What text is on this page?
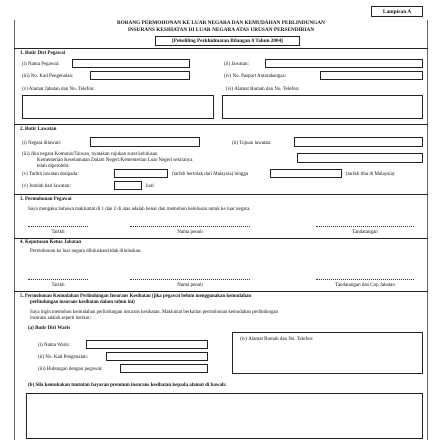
Lampiran A
BORANG PERMOHONAN KE LUAR NEGARA DAN KEMUDAHAN PERLINDUNGAN
INSURANS KESIHATAN DI LUAR NEGARA ATAS URUSAN PERSENDIRIAN
[Pekeliling Perkhidmatan Bilangan 8 Tahun 2004]
1. Butir Diri Pegawai
(i) Nama Pegawai:	(ii) Jawatan:
(iii) No. Kad Pengenalan:	(iv) No. Pasport Antarabangsa:
(v) Alamat Jabatan dan No. Telefon:	(vi) Alamat Rumah dan No. Telefon:
2. Butir Lawatan
(i) Negara dilawati:	(ii) Tujuan lawatan:
(iii) Jika negara Komunis/Taiwan, nyatakan rujukan surat kelulusan
Kementerian Keselamatan Dalam Negeri/Kementerian Luar Negeri sekiranya
telah diperolehi:
(v) Tarikh lawatan daripada:	(tarikh bertolak dari Malaysia) hingga	(tarikh tiba di Malaysia)
(v) Jumlah hari lawatan:	hari
3. Permohonan Pegawai
Saya mengaku bahawa maklumat di 1 dan 2 di atas adalah benar dan memohon kelulusan untuk ke luar negara.
Tarikh	Nama penuh	Tandatangan
4. Keputusan Ketua Jabatan
Permohonan ke luar negara diluluskan/tidak diluluskan.
Tarikh	Nama penuh	Tandatangan dan Cop Jabatan
5. Permohonan Kemudahan Perlindungan Insurans Kesihatan (jika pegawai belum menggunakan kemudahan
perlindungan insurans kesihatan dalam tahun ini)
Saya ingin memohon kemudahan perlindungan insurans kesihatan. Maklumat berkaitan permohonan kemudahan perlindungan
insurans adalah seperti berikut:
(a) Butir Diri Waris
(i) Nama Waris:
(iv) Alamat Rumah dan No. Telefon:
(ii) No. Kad Pengenalan:
(iii) Hubungan dengan pegawai:
(b) Sila kemukakan tuntutan bayaran premium insurans kesihatan kepada alamat di bawah:
